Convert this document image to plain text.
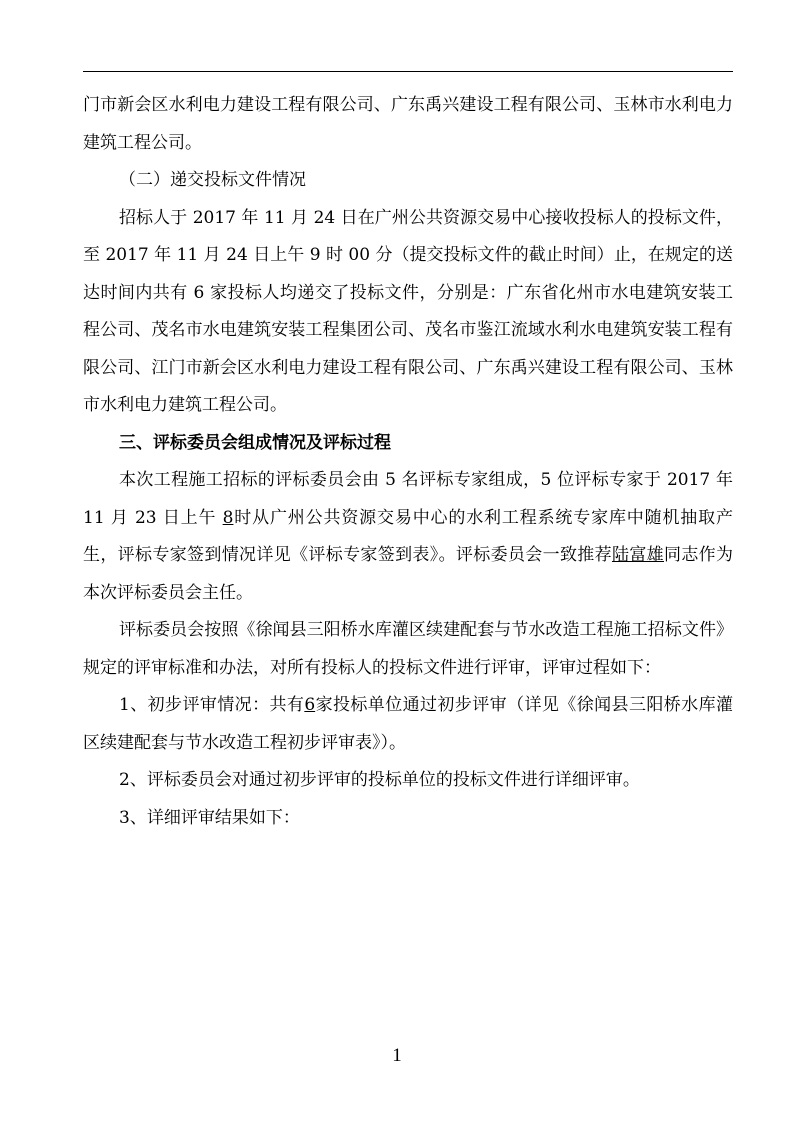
门市新会区水利电力建设工程有限公司、广东禹兴建设工程有限公司、玉林市水利电力建筑工程公司。

（二）递交投标文件情况

招标人于 2017 年 11 月 24 日在广州公共资源交易中心接收投标人的投标文件，至 2017 年 11 月 24 日上午 9 时 00 分（提交投标文件的截止时间）止，在规定的送达时间内共有 6 家投标人均递交了投标文件，分别是：广东省化州市水电建筑安装工程公司、茂名市水电建筑安装工程集团公司、茂名市鉴江流域水利水电建筑安装工程有限公司、江门市新会区水利电力建设工程有限公司、广东禹兴建设工程有限公司、玉林市水利电力建筑工程公司。

三、评标委员会组成情况及评标过程

本次工程施工招标的评标委员会由 5 名评标专家组成，5 位评标专家于 2017 年 11 月 23 日上午 8时从广州公共资源交易中心的水利工程系统专家库中随机抽取产生，评标专家签到情况详见《评标专家签到表》。评标委员会一致推荐陆富雄同志作为本次评标委员会主任。

评标委员会按照《徐闻县三阳桥水库灌区续建配套与节水改造工程施工招标文件》规定的评审标准和办法，对所有投标人的投标文件进行评审，评审过程如下：

1、初步评审情况：共有6家投标单位通过初步评审（详见《徐闻县三阳桥水库灌区续建配套与节水改造工程初步评审表》）。

2、评标委员会对通过初步评审的投标单位的投标文件进行详细评审。

3、详细评审结果如下：

1
